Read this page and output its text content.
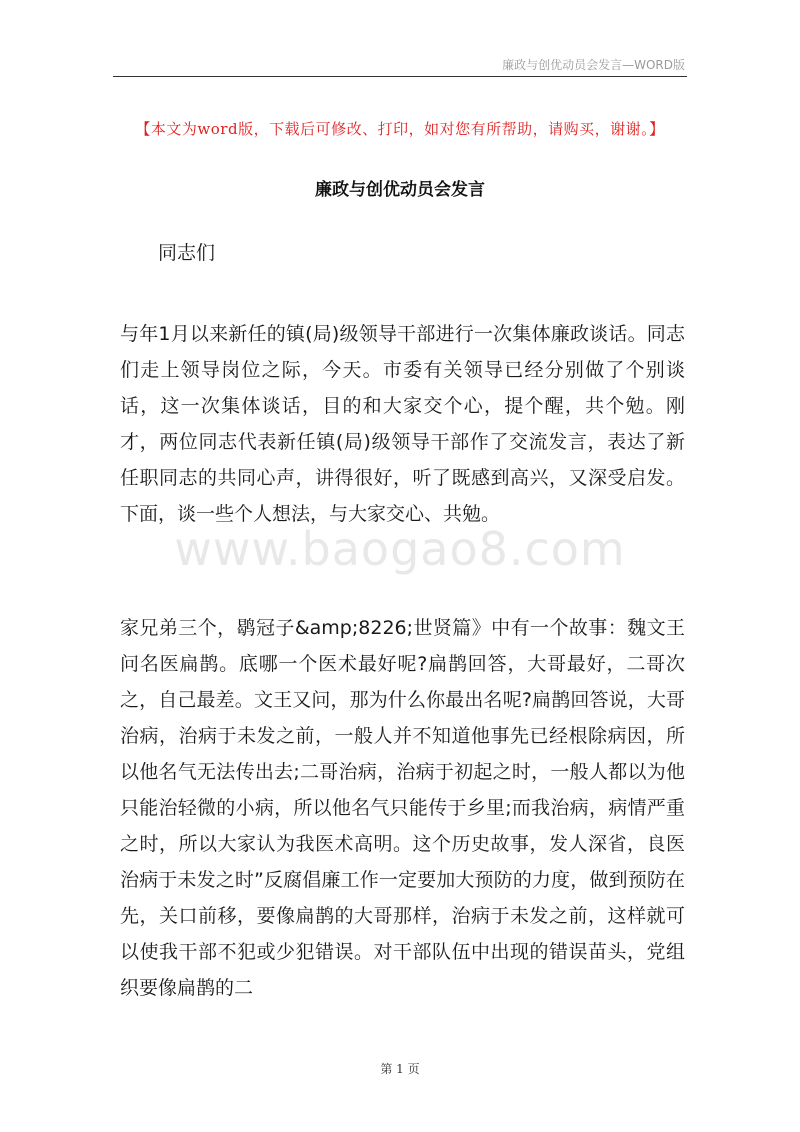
廉政与创优动员会发言—WORD版
【本文为word版，下载后可修改、打印，如对您有所帮助，请购买，谢谢。】
廉政与创优动员会发言
同志们
与年1月以来新任的镇(局)级领导干部进行一次集体廉政谈话。同志们走上领导岗位之际，今天。市委有关领导已经分别做了个别谈话，这一次集体谈话，目的和大家交个心，提个醒，共个勉。刚才，两位同志代表新任镇(局)级领导干部作了交流发言，表达了新任职同志的共同心声，讲得很好，听了既感到高兴，又深受启发。下面，谈一些个人想法，与大家交心、共勉。
www.baogao8.com
家兄弟三个，鹖冠子&amp;8226;世贤篇》中有一个故事：魏文王问名医扁鹊。底哪一个医术最好呢?扁鹊回答，大哥最好，二哥次之，自己最差。文王又问，那为什么你最出名呢?扁鹊回答说，大哥治病，治病于未发之前，一般人并不知道他事先已经根除病因，所以他名气无法传出去;二哥治病，治病于初起之时，一般人都以为他只能治轻微的小病，所以他名气只能传于乡里;而我治病，病情严重之时，所以大家认为我医术高明。这个历史故事，发人深省，良医治病于未发之时”反腐倡廉工作一定要加大预防的力度，做到预防在先，关口前移，要像扁鹊的大哥那样，治病于未发之前，这样就可以使我干部不犯或少犯错误。对干部队伍中出现的错误苗头，党组织要像扁鹊的二
第 1 页
